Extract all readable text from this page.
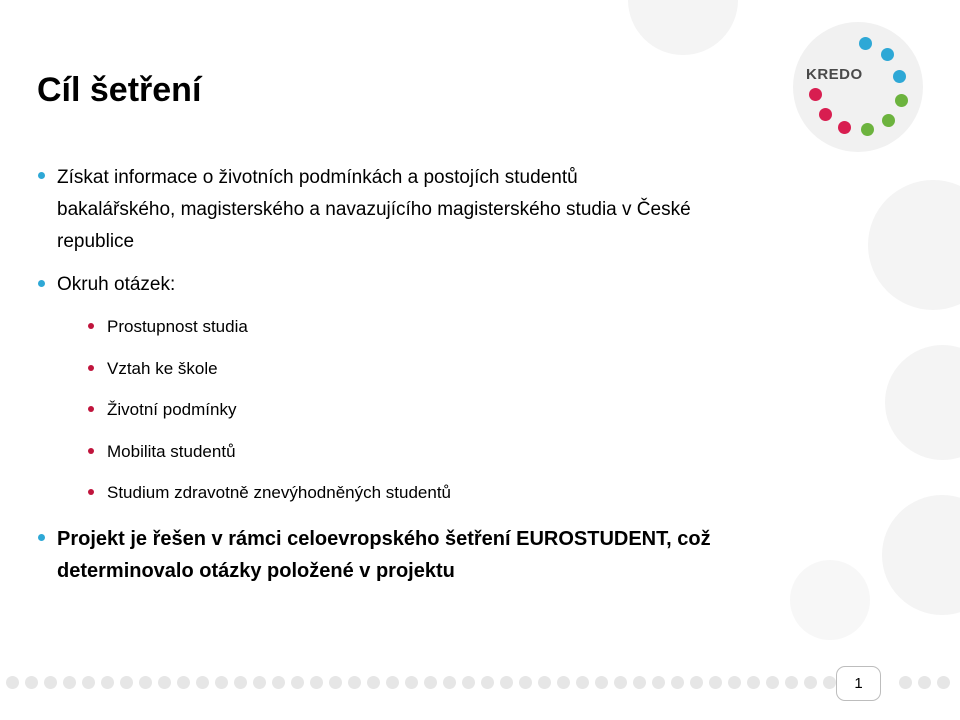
Cíl šetření	KREDO
Získat informace o životních podmínkách a postojích studentů
bakalářského, magisterského a navazujícího magisterského studia v České
republice
Okruh otázek:
Prostupnost studia
Vztah ke škole
Životní podmínky
Mobilita studentů
Studium zdravotně znevýhodněných studentů
Projekt je řešen v rámci celoevropského šetření EUROSTUDENT, což
determinovalo otázky položené v projektu
1
